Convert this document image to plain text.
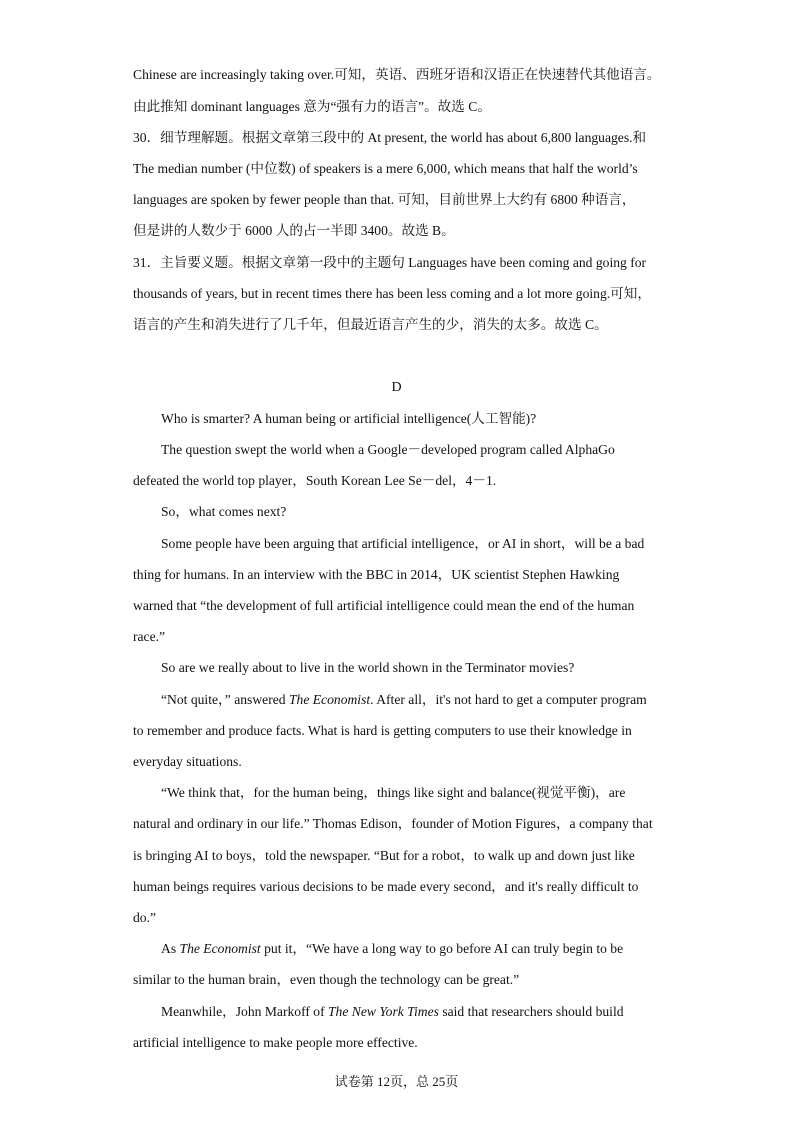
Chinese are increasingly taking over.可知，英语、西班牙语和汉语正在快速替代其他语言。
由此推知 dominant languages 意为“强有力的语言”。故选 C。
30．细节理解题。根据文章第三段中的 At present, the world has about 6,800 languages.和
The median number (中位数) of speakers is a mere 6,000, which means that half the world’s
languages are spoken by fewer people than that. 可知，目前世界上大约有 6800 种语言，
但是讲的人数少于 6000 人的占一半即 3400。故选 B。
31．主旨要义题。根据文章第一段中的主题句 Languages have been coming and going for
thousands of years, but in recent times there has been less coming and a lot more going.可知，
语言的产生和消失进行了几千年，但最近语言产生的少，消失的太多。故选 C。
D
Who is smarter? A human being or artificial intelligence(人工智能)?
The question swept the world when a Google－developed program called AlphaGo
defeated the world top player，South Korean Lee Se－del，4－1.
So，what comes next?
Some people have been arguing that artificial intelligence，or AI in short，will be a bad
thing for humans. In an interview with the BBC in 2014，UK scientist Stephen Hawking
warned that “the development of full artificial intelligence could mean the end of the human
race.”
So are we really about to live in the world shown in the Terminator movies?
“Not quite，” answered The Economist. After all，it's not hard to get a computer program
to remember and produce facts. What is hard is getting computers to use their knowledge in
everyday situations.
“We think that，for the human being，things like sight and balance(视觉平衡)，are
natural and ordinary in our life.” Thomas Edison，founder of Motion Figures，a company that
is bringing AI to boys，told the newspaper. “But for a robot，to walk up and down just like
human beings requires various decisions to be made every second，and it's really difficult to
do.”
As The Economist put it，“We have a long way to go before AI can truly begin to be
similar to the human brain，even though the technology can be great.”
Meanwhile，John Markoff of The New York Times said that researchers should build
artificial intelligence to make people more effective.
试卷第 12页，总 25页
